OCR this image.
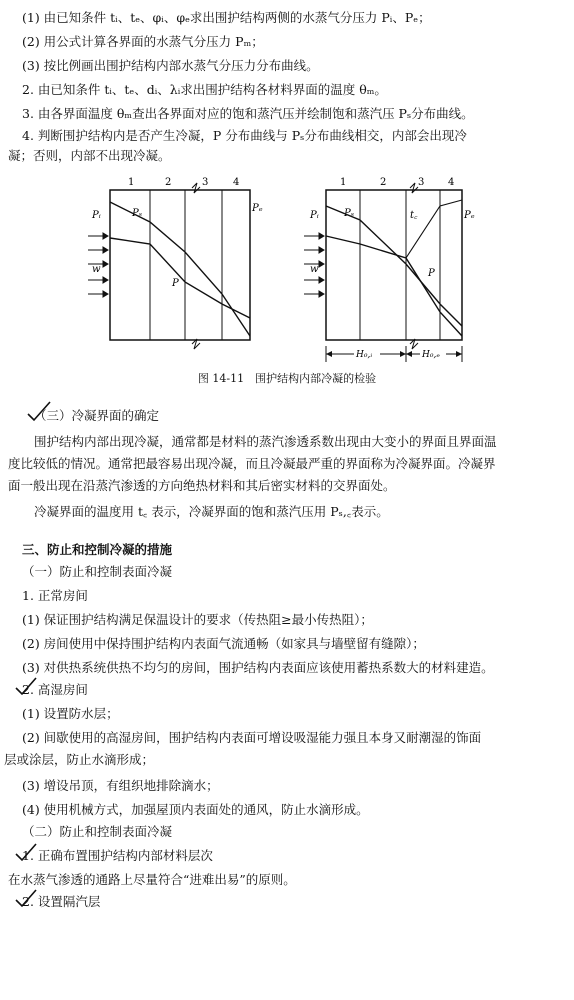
(1) 由已知条件 tᵢ、tₑ、φᵢ、φₑ求出围护结构两侧的水蒸气分压力 Pᵢ、Pₑ；
(2) 用公式计算各界面的水蒸气分压力 Pₘ；
(3) 按比例画出围护结构内部水蒸气分压力分布曲线。
2. 由已知条件 tᵢ、tₑ、dᵢ、λᵢ求出围护结构各材料界面的温度 θₘ。
3. 由各界面温度 θₘ查出各界面对应的饱和蒸汽压并绘制饱和蒸汽压 Pₛ分布曲线。
4. 判断围护结构内是否产生冷凝，P 分布曲线与 Pₛ分布曲线相交，内部会出现冷
凝；否则，内部不出现冷凝。
1	2	3 4
Pᵢ	Pₛ	Pₑ
P
w
1	2	3 4
Pᵢ	Pₛ	t꜀	Pₑ
P
w
H₀,ᵢ	H₀,ₑ
图 14-11　围护结构内部冷凝的检验
（三）冷凝界面的确定
围护结构内部出现冷凝，通常都是材料的蒸汽渗透系数出现由大变小的界面且界面温
度比较低的情况。通常把最容易出现冷凝，而且冷凝最严重的界面称为冷凝界面。冷凝界
面一般出现在沿蒸汽渗透的方向绝热材料和其后密实材料的交界面处。
冷凝界面的温度用 t꜀ 表示，冷凝界面的饱和蒸汽压用 Pₛ,꜀表示。
三、防止和控制冷凝的措施
（一）防止和控制表面冷凝
1. 正常房间
(1) 保证围护结构满足保温设计的要求（传热阻≥最小传热阻）；
(2) 房间使用中保持围护结构内表面气流通畅（如家具与墙壁留有缝隙）；
(3) 对供热系统供热不均匀的房间，围护结构内表面应该使用蓄热系数大的材料建造。
2. 高湿房间
(1) 设置防水层；
(2) 间歇使用的高湿房间，围护结构内表面可增设吸湿能力强且本身又耐潮湿的饰面
层或涂层，防止水滴形成；
(3) 增设吊顶，有组织地排除滴水；
(4) 使用机械方式，加强屋顶内表面处的通风，防止水滴形成。
（二）防止和控制表面冷凝
1. 正确布置围护结构内部材料层次
在水蒸气渗透的通路上尽量符合“进难出易”的原则。
2. 设置隔汽层
